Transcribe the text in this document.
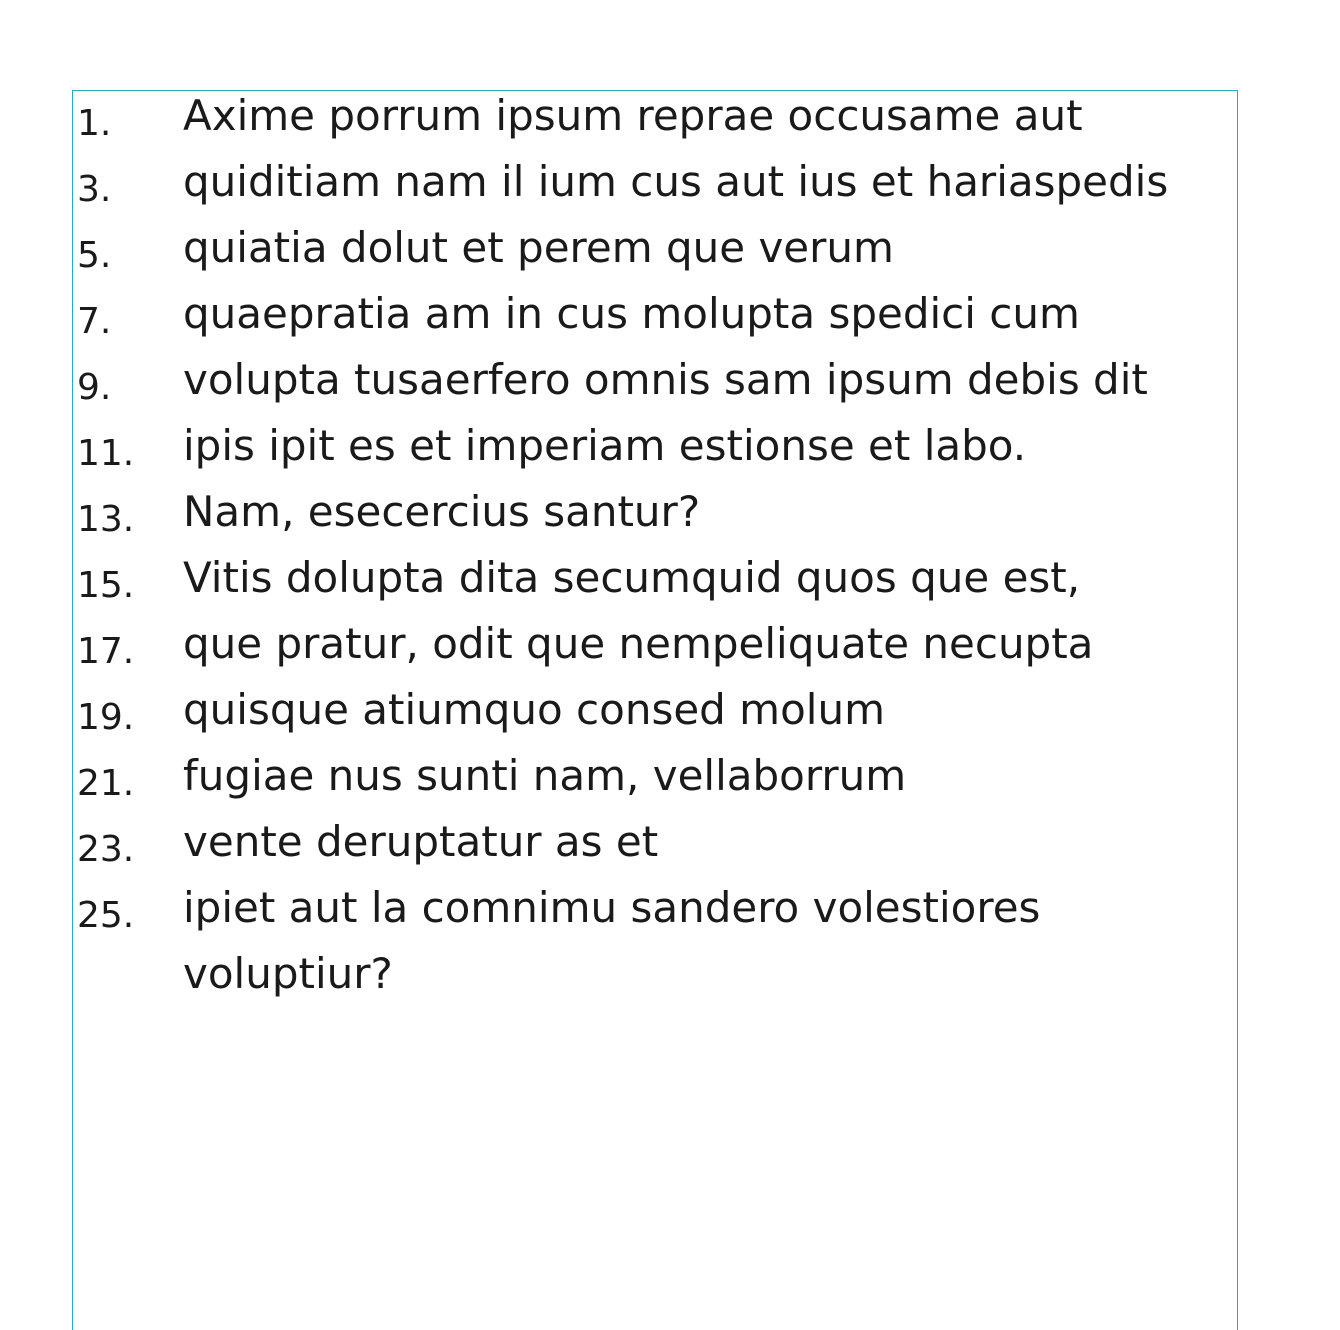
1. Axime porrum ipsum reprae occusame aut
3. quiditiam nam il ium cus aut ius et hariaspedis
5. quiatia dolut et perem que verum
7. quaepratia am in cus molupta spedici cum
9. volupta tusaerfero omnis sam ipsum debis dit
11. ipis ipit es et imperiam estionse et labo.
13. Nam, esecercius santur?
15. Vitis dolupta dita secumquid quos que est,
17. que pratur, odit que nempeliquate necupta
19. quisque atiumquo consed molum
21. fugiae nus sunti nam, vellaborrum
23. vente deruptatur as et
25. ipiet aut la comnimu sandero volestiores
voluptiur?
